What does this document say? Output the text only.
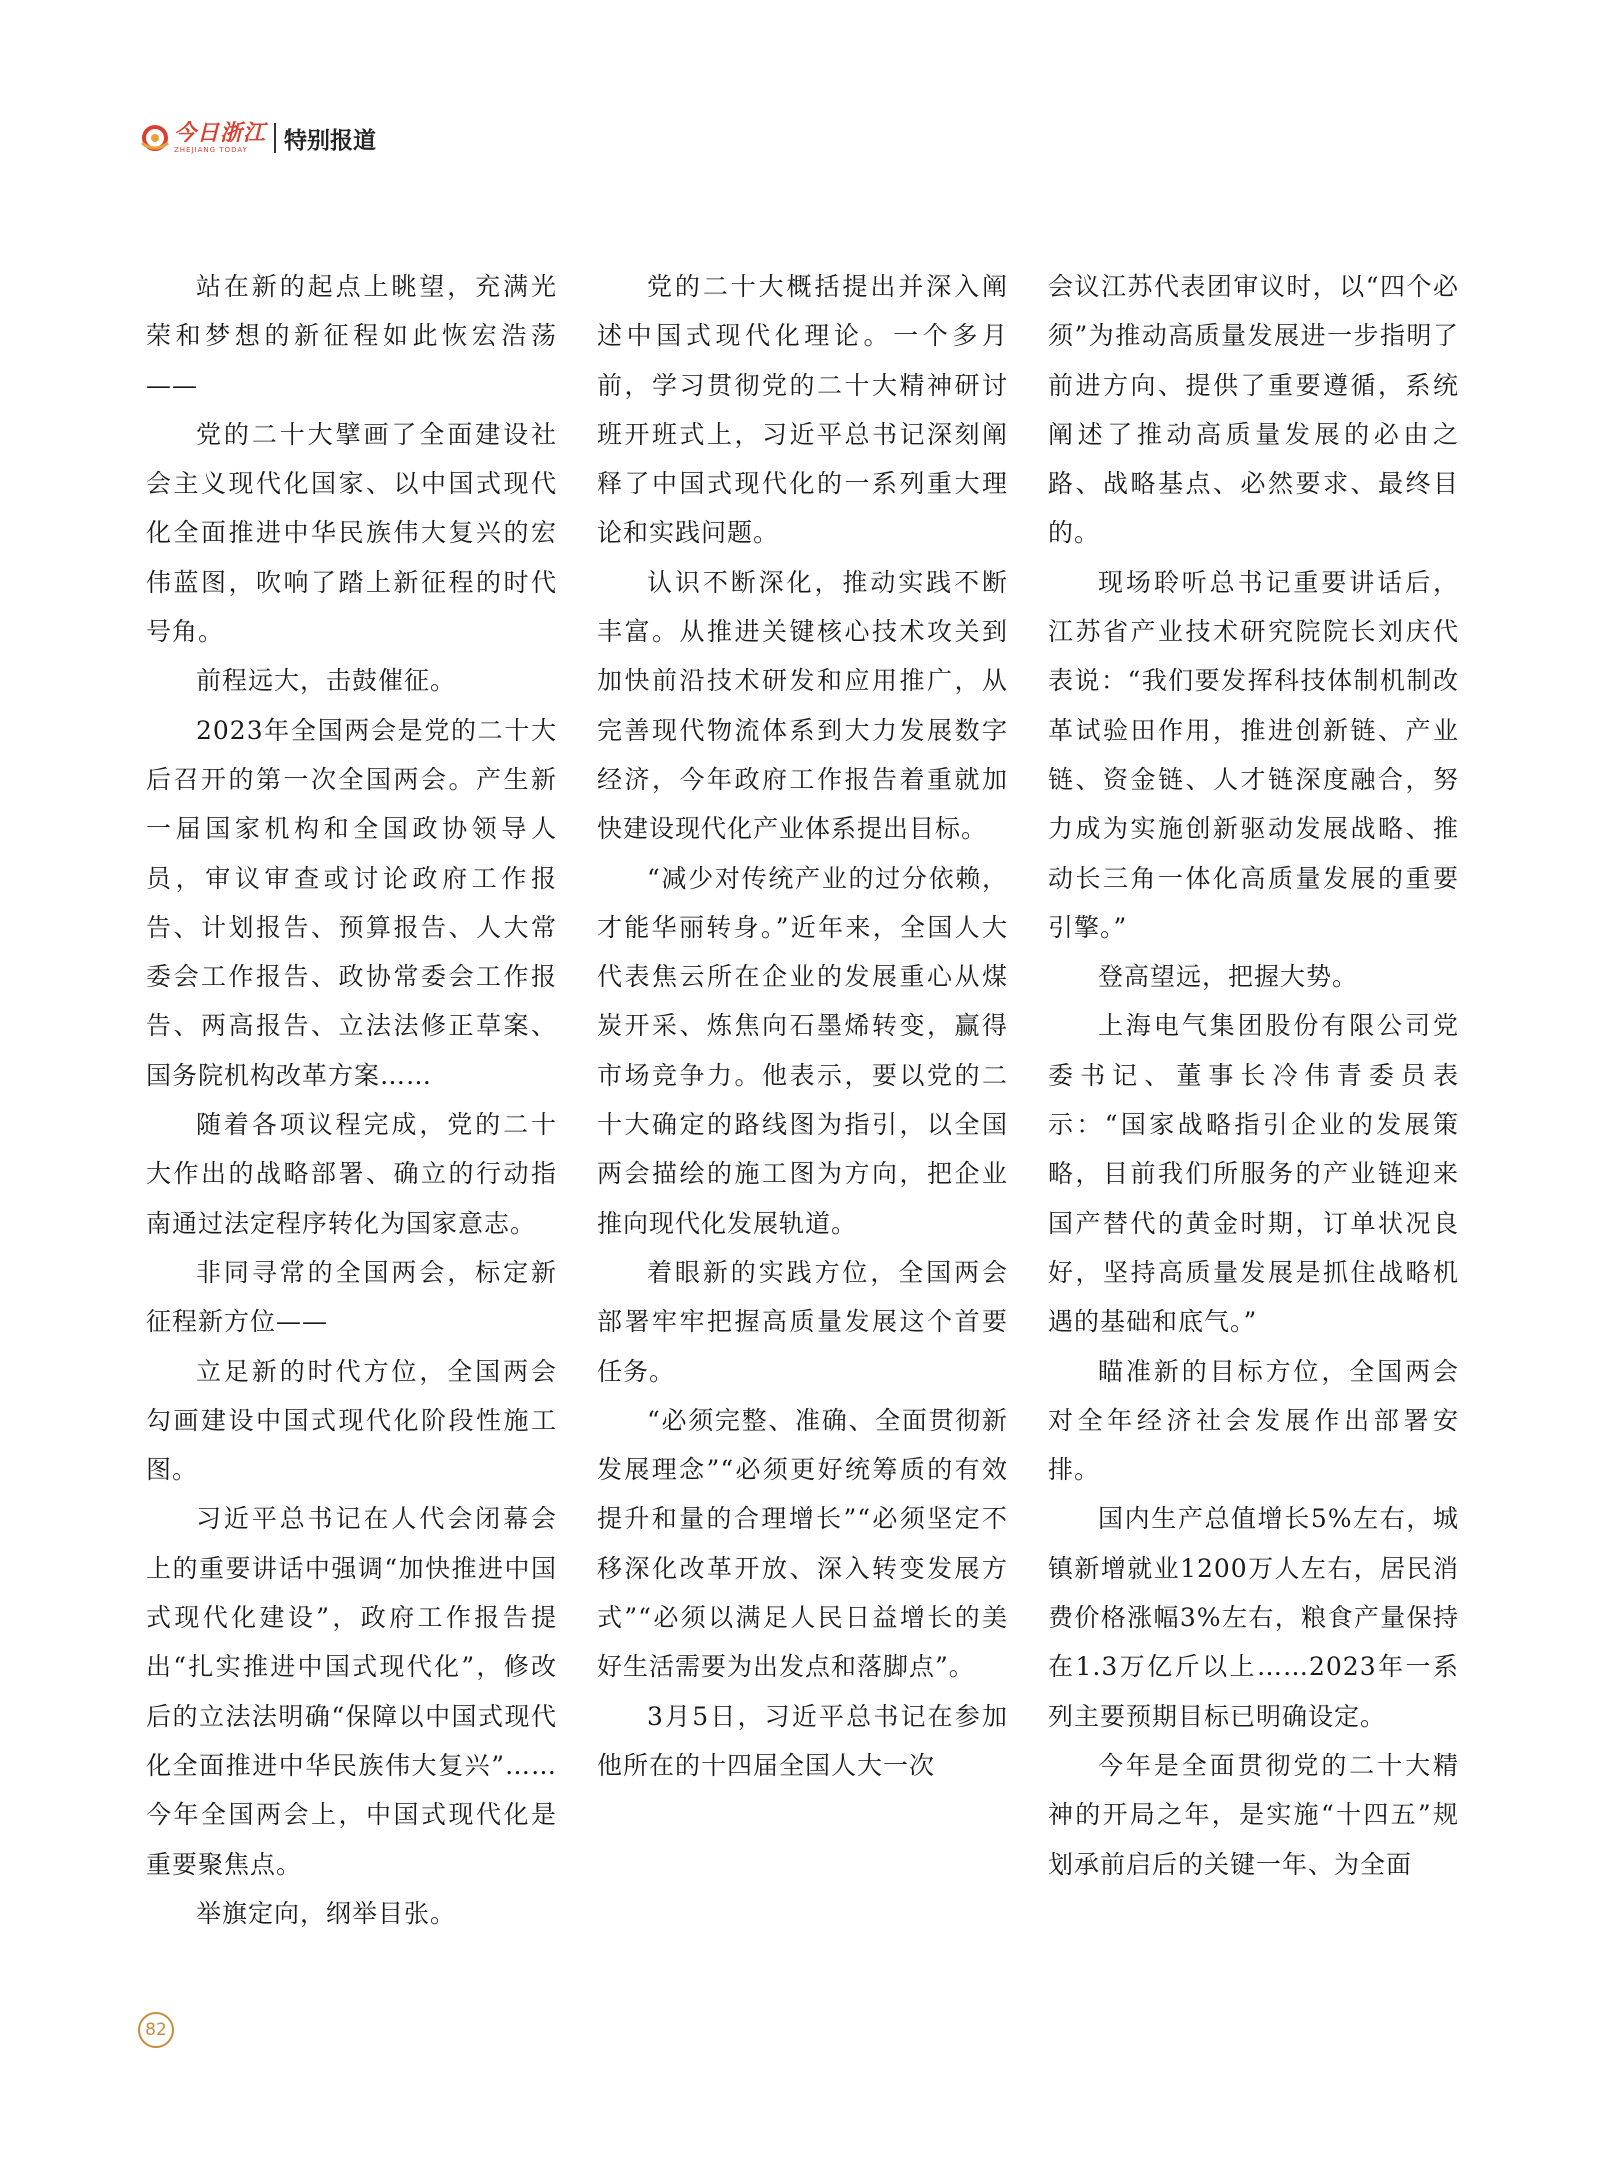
今日浙江
ZHEJIANG TODAY	特别报道

站在新的起点上眺望，充满光荣和梦想的新征程如此恢宏浩荡——

党的二十大擘画了全面建设社会主义现代化国家、以中国式现代化全面推进中华民族伟大复兴的宏伟蓝图，吹响了踏上新征程的时代号角。

前程远大，击鼓催征。

2023年全国两会是党的二十大后召开的第一次全国两会。产生新一届国家机构和全国政协领导人员，审议审查或讨论政府工作报告、计划报告、预算报告、人大常委会工作报告、政协常委会工作报告、两高报告、立法法修正草案、国务院机构改革方案……

随着各项议程完成，党的二十大作出的战略部署、确立的行动指南通过法定程序转化为国家意志。

非同寻常的全国两会，标定新征程新方位——

立足新的时代方位，全国两会勾画建设中国式现代化阶段性施工图。

习近平总书记在人代会闭幕会上的重要讲话中强调“加快推进中国式现代化建设”，政府工作报告提出“扎实推进中国式现代化”，修改后的立法法明确“保障以中国式现代化全面推进中华民族伟大复兴”……今年全国两会上，中国式现代化是重要聚焦点。

举旗定向，纲举目张。

党的二十大概括提出并深入阐述中国式现代化理论。一个多月前，学习贯彻党的二十大精神研讨班开班式上，习近平总书记深刻阐释了中国式现代化的一系列重大理论和实践问题。

认识不断深化，推动实践不断丰富。从推进关键核心技术攻关到加快前沿技术研发和应用推广，从完善现代物流体系到大力发展数字经济，今年政府工作报告着重就加快建设现代化产业体系提出目标。

“减少对传统产业的过分依赖，才能华丽转身。”近年来，全国人大代表焦云所在企业的发展重心从煤炭开采、炼焦向石墨烯转变，赢得市场竞争力。他表示，要以党的二十大确定的路线图为指引，以全国两会描绘的施工图为方向，把企业推向现代化发展轨道。

着眼新的实践方位，全国两会部署牢牢把握高质量发展这个首要任务。

“必须完整、准确、全面贯彻新发展理念”“必须更好统筹质的有效提升和量的合理增长”“必须坚定不移深化改革开放、深入转变发展方式”“必须以满足人民日益增长的美好生活需要为出发点和落脚点”。

3月5日，习近平总书记在参加他所在的十四届全国人大一次

会议江苏代表团审议时，以“四个必须”为推动高质量发展进一步指明了前进方向、提供了重要遵循，系统阐述了推动高质量发展的必由之路、战略基点、必然要求、最终目的。

现场聆听总书记重要讲话后，江苏省产业技术研究院院长刘庆代表说：“我们要发挥科技体制机制改革试验田作用，推进创新链、产业链、资金链、人才链深度融合，努力成为实施创新驱动发展战略、推动长三角一体化高质量发展的重要引擎。”

登高望远，把握大势。

上海电气集团股份有限公司党委书记、董事长冷伟青委员表示：“国家战略指引企业的发展策略，目前我们所服务的产业链迎来国产替代的黄金时期，订单状况良好，坚持高质量发展是抓住战略机遇的基础和底气。”

瞄准新的目标方位，全国两会对全年经济社会发展作出部署安排。

国内生产总值增长5%左右，城镇新增就业1200万人左右，居民消费价格涨幅3%左右，粮食产量保持在1.3万亿斤以上……2023年一系列主要预期目标已明确设定。

今年是全面贯彻党的二十大精神的开局之年，是实施“十四五”规划承前启后的关键一年、为全面

82
